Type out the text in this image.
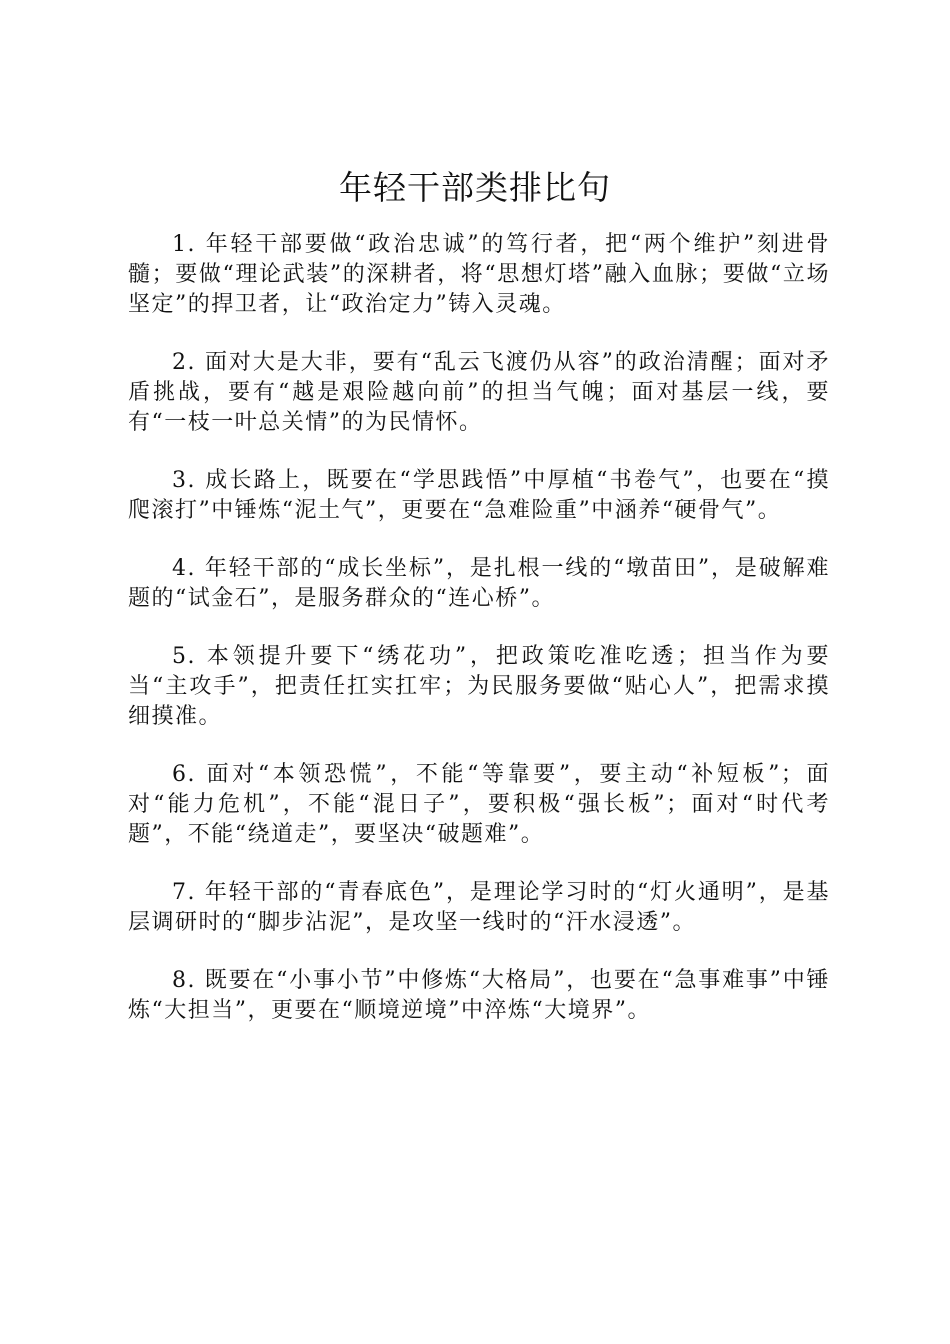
年轻干部类排比句

1. 年轻干部要做“政治忠诚”的笃行者，把“两个维护”刻进骨髓；要做“理论武装”的深耕者，将“思想灯塔”融入血脉；要做“立场坚定”的捍卫者，让“政治定力”铸入灵魂。

2. 面对大是大非，要有“乱云飞渡仍从容”的政治清醒；面对矛盾挑战，要有“越是艰险越向前”的担当气魄；面对基层一线，要有“一枝一叶总关情”的为民情怀。

3. 成长路上，既要在“学思践悟”中厚植“书卷气”，也要在“摸爬滚打”中锤炼“泥土气”，更要在“急难险重”中涵养“硬骨气”。

4. 年轻干部的“成长坐标”，是扎根一线的“墩苗田”，是破解难题的“试金石”，是服务群众的“连心桥”。

5. 本领提升要下“绣花功”，把政策吃准吃透；担当作为要当“主攻手”，把责任扛实扛牢；为民服务要做“贴心人”，把需求摸细摸准。

6. 面对“本领恐慌”，不能“等靠要”，要主动“补短板”；面对“能力危机”，不能“混日子”，要积极“强长板”；面对“时代考题”，不能“绕道走”，要坚决“破题难”。

7. 年轻干部的“青春底色”，是理论学习时的“灯火通明”，是基层调研时的“脚步沾泥”，是攻坚一线时的“汗水浸透”。

8. 既要在“小事小节”中修炼“大格局”，也要在“急事难事”中锤炼“大担当”，更要在“顺境逆境”中淬炼“大境界”。
